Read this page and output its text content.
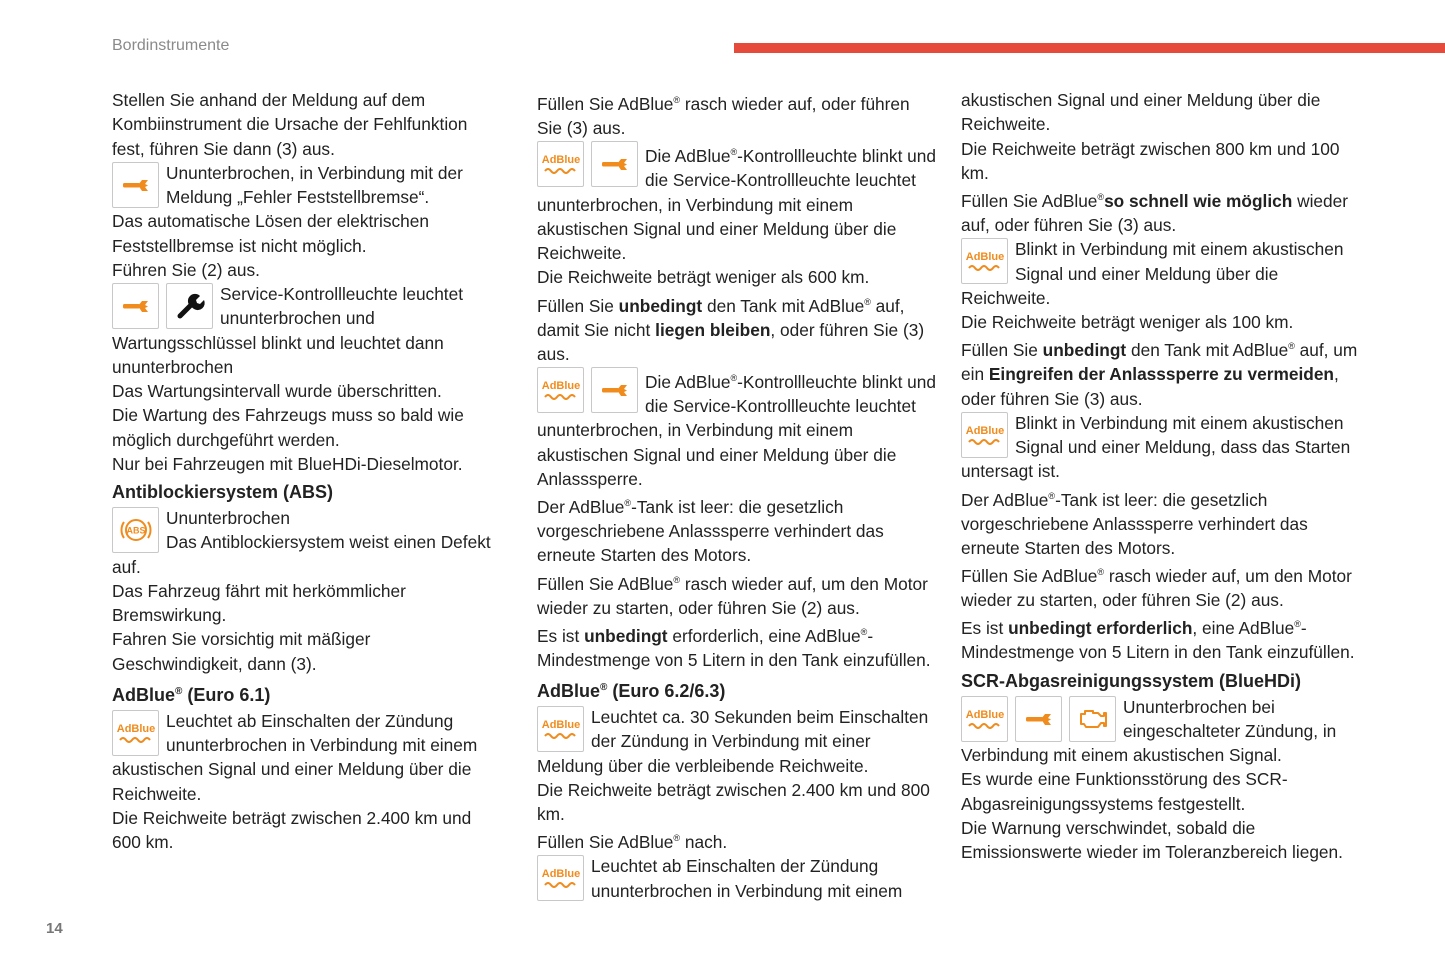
Bordinstrumente
14

Stellen Sie anhand der Meldung auf dem Kombiinstrument die Ursache der Fehlfunktion fest, führen Sie dann (3) aus.

Ununterbrochen, in Verbindung mit der Meldung „Fehler Feststellbremse“.

Das automatische Lösen der elektrischen Feststellbremse ist nicht möglich.

Führen Sie (2) aus.

Service-Kontrollleuchte leuchtet ununterbrochen und Wartungsschlüssel blinkt und leuchtet dann ununterbrochen

Das Wartungsintervall wurde überschritten.

Die Wartung des Fahrzeugs muss so bald wie möglich durchgeführt werden.

Nur bei Fahrzeugen mit BlueHDi-Dieselmotor.

Antiblockiersystem (ABS)
ABS

Ununterbrochen

Das Antiblockiersystem weist einen Defekt auf.

Das Fahrzeug fährt mit herkömmlicher Bremswirkung.

Fahren Sie vorsichtig mit mäßiger Geschwindigkeit, dann (3).

AdBlue® (Euro 6.1)
AdBlue Leuchtet ab Einschalten der Zündung ununterbrochen in Verbindung mit einem akustischen Signal und einer Meldung über die Reichweite.

Die Reichweite beträgt zwischen 2.400 km und 600 km.

Füllen Sie AdBlue® rasch wieder auf, oder führen Sie (3) aus.

AdBlue	Die AdBlue®-Kontrollleuchte blinkt und die Service-Kontrollleuchte leuchtet ununterbrochen, in Verbindung mit einem akustischen Signal und einer Meldung über die Reichweite.

Die Reichweite beträgt weniger als 600 km.

Füllen Sie unbedingt den Tank mit AdBlue® auf, damit Sie nicht liegen bleiben, oder führen Sie (3) aus.

AdBlue	Die AdBlue®-Kontrollleuchte blinkt und die Service-Kontrollleuchte leuchtet ununterbrochen, in Verbindung mit einem akustischen Signal und einer Meldung über die Anlasssperre.

Der AdBlue®-Tank ist leer: die gesetzlich vorgeschriebene Anlasssperre verhindert das erneute Starten des Motors.

Füllen Sie AdBlue® rasch wieder auf, um den Motor wieder zu starten, oder führen Sie (2) aus.

Es ist unbedingt erforderlich, eine AdBlue®-Mindestmenge von 5 Litern in den Tank einzufüllen.

AdBlue® (Euro 6.2/6.3)
AdBlue Leuchtet ca. 30 Sekunden beim Einschalten der Zündung in Verbindung mit einer Meldung über die verbleibende Reichweite.

Die Reichweite beträgt zwischen 2.400 km und 800 km.

Füllen Sie AdBlue® nach.

AdBlue Leuchtet ab Einschalten der Zündung ununterbrochen in Verbindung mit einem

akustischen Signal und einer Meldung über die Reichweite.

Die Reichweite beträgt zwischen 800 km und 100 km.

Füllen Sie AdBlue®so schnell wie möglich wieder auf, oder führen Sie (3) aus.

AdBlue Blinkt in Verbindung mit einem akustischen Signal und einer Meldung über die Reichweite.

Die Reichweite beträgt weniger als 100 km.

Füllen Sie unbedingt den Tank mit AdBlue® auf, um ein Eingreifen der Anlasssperre zu vermeiden, oder führen Sie (3) aus.

AdBlue Blinkt in Verbindung mit einem akustischen Signal und einer Meldung, dass das Starten untersagt ist.

Der AdBlue®-Tank ist leer: die gesetzlich vorgeschriebene Anlasssperre verhindert das erneute Starten des Motors.

Füllen Sie AdBlue® rasch wieder auf, um den Motor wieder zu starten, oder führen Sie (2) aus.

Es ist unbedingt erforderlich, eine AdBlue®-Mindestmenge von 5 Litern in den Tank einzufüllen.

SCR-Abgasreinigungssystem (BlueHDi)
AdBlue	Ununterbrochen bei eingeschalteter Zündung, in Verbindung mit einem akustischen Signal.

Es wurde eine Funktionsstörung des SCR-Abgasreinigungssystems festgestellt.

Die Warnung verschwindet, sobald die Emissionswerte wieder im Toleranzbereich liegen.
